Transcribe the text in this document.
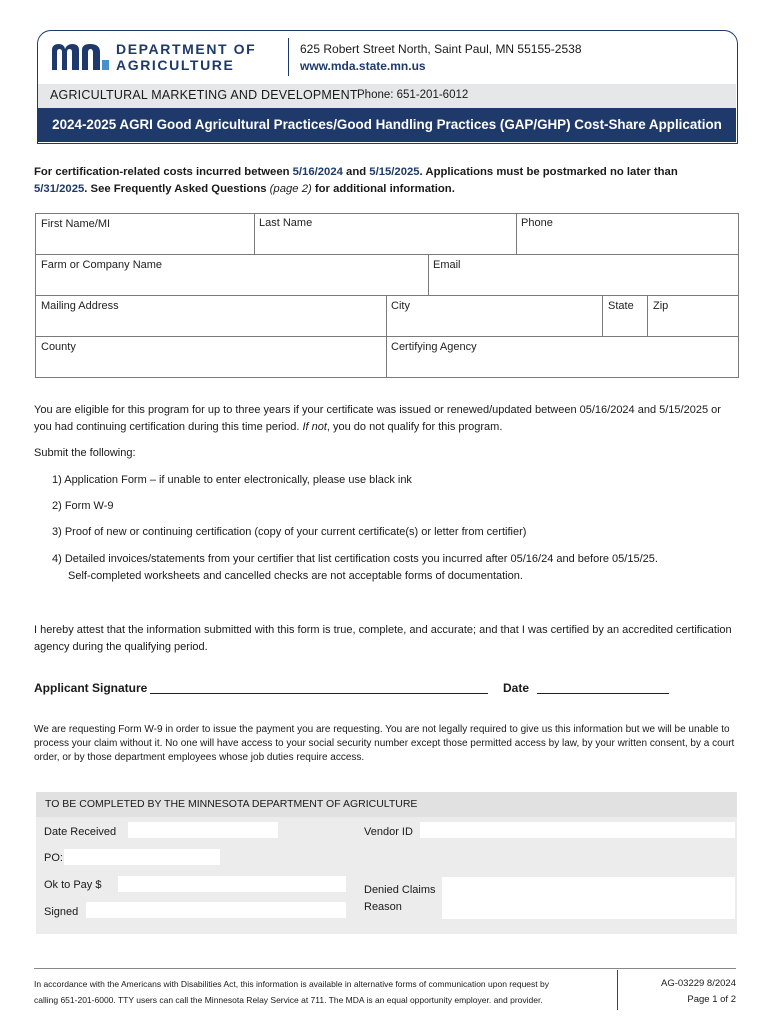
DEPARTMENT OF
AGRICULTURE
625 Robert Street North, Saint Paul, MN 55155-2538
www.mda.state.mn.us
AGRICULTURAL MARKETING AND DEVELOPMENT Phone: 651-201-6012
2024-2025 AGRI Good Agricultural Practices/Good Handling Practices (GAP/GHP) Cost-Share Application
For certification-related costs incurred between 5/16/2024 and 5/15/2025. Applications must be postmarked no later than 5/31/2025. See Frequently Asked Questions (page 2) for additional information.
First Name/MI	Last Name	Phone
Farm or Company Name	Email
Mailing Address	City	State	Zip
County	Certifying Agency
You are eligible for this program for up to three years if your certificate was issued or renewed/updated between 05/16/2024 and 5/15/2025 or you had continuing certification during this time period. If not, you do not qualify for this program.
Submit the following:
1) Application Form – if unable to enter electronically, please use black ink
2) Form W-9
3) Proof of new or continuing certification (copy of your current certificate(s) or letter from certifier)
4) Detailed invoices/statements from your certifier that list certification costs you incurred after 05/16/24 and before 05/15/25.
Self-completed worksheets and cancelled checks are not acceptable forms of documentation.
I hereby attest that the information submitted with this form is true, complete, and accurate; and that I was certified by an accredited certification agency during the qualifying period.
Applicant Signature	Date
We are requesting Form W-9 in order to issue the payment you are requesting. You are not legally required to give us this information but we will be unable to process your claim without it. No one will have access to your social security number except those permitted access by law, by your written consent, by a court order, or by those department employees whose job duties require access.
TO BE COMPLETED BY THE MINNESOTA DEPARTMENT OF AGRICULTURE
Date Received	Vendor ID
PO:
Ok to Pay $	Denied Claims
Reason
Signed
In accordance with the Americans with Disabilities Act, this information is available in alternative forms of communication upon request by
calling 651-201-6000. TTY users can call the Minnesota Relay Service at 711. The MDA is an equal opportunity employer. and provider.
AG-03229 8/2024
Page 1 of 2
